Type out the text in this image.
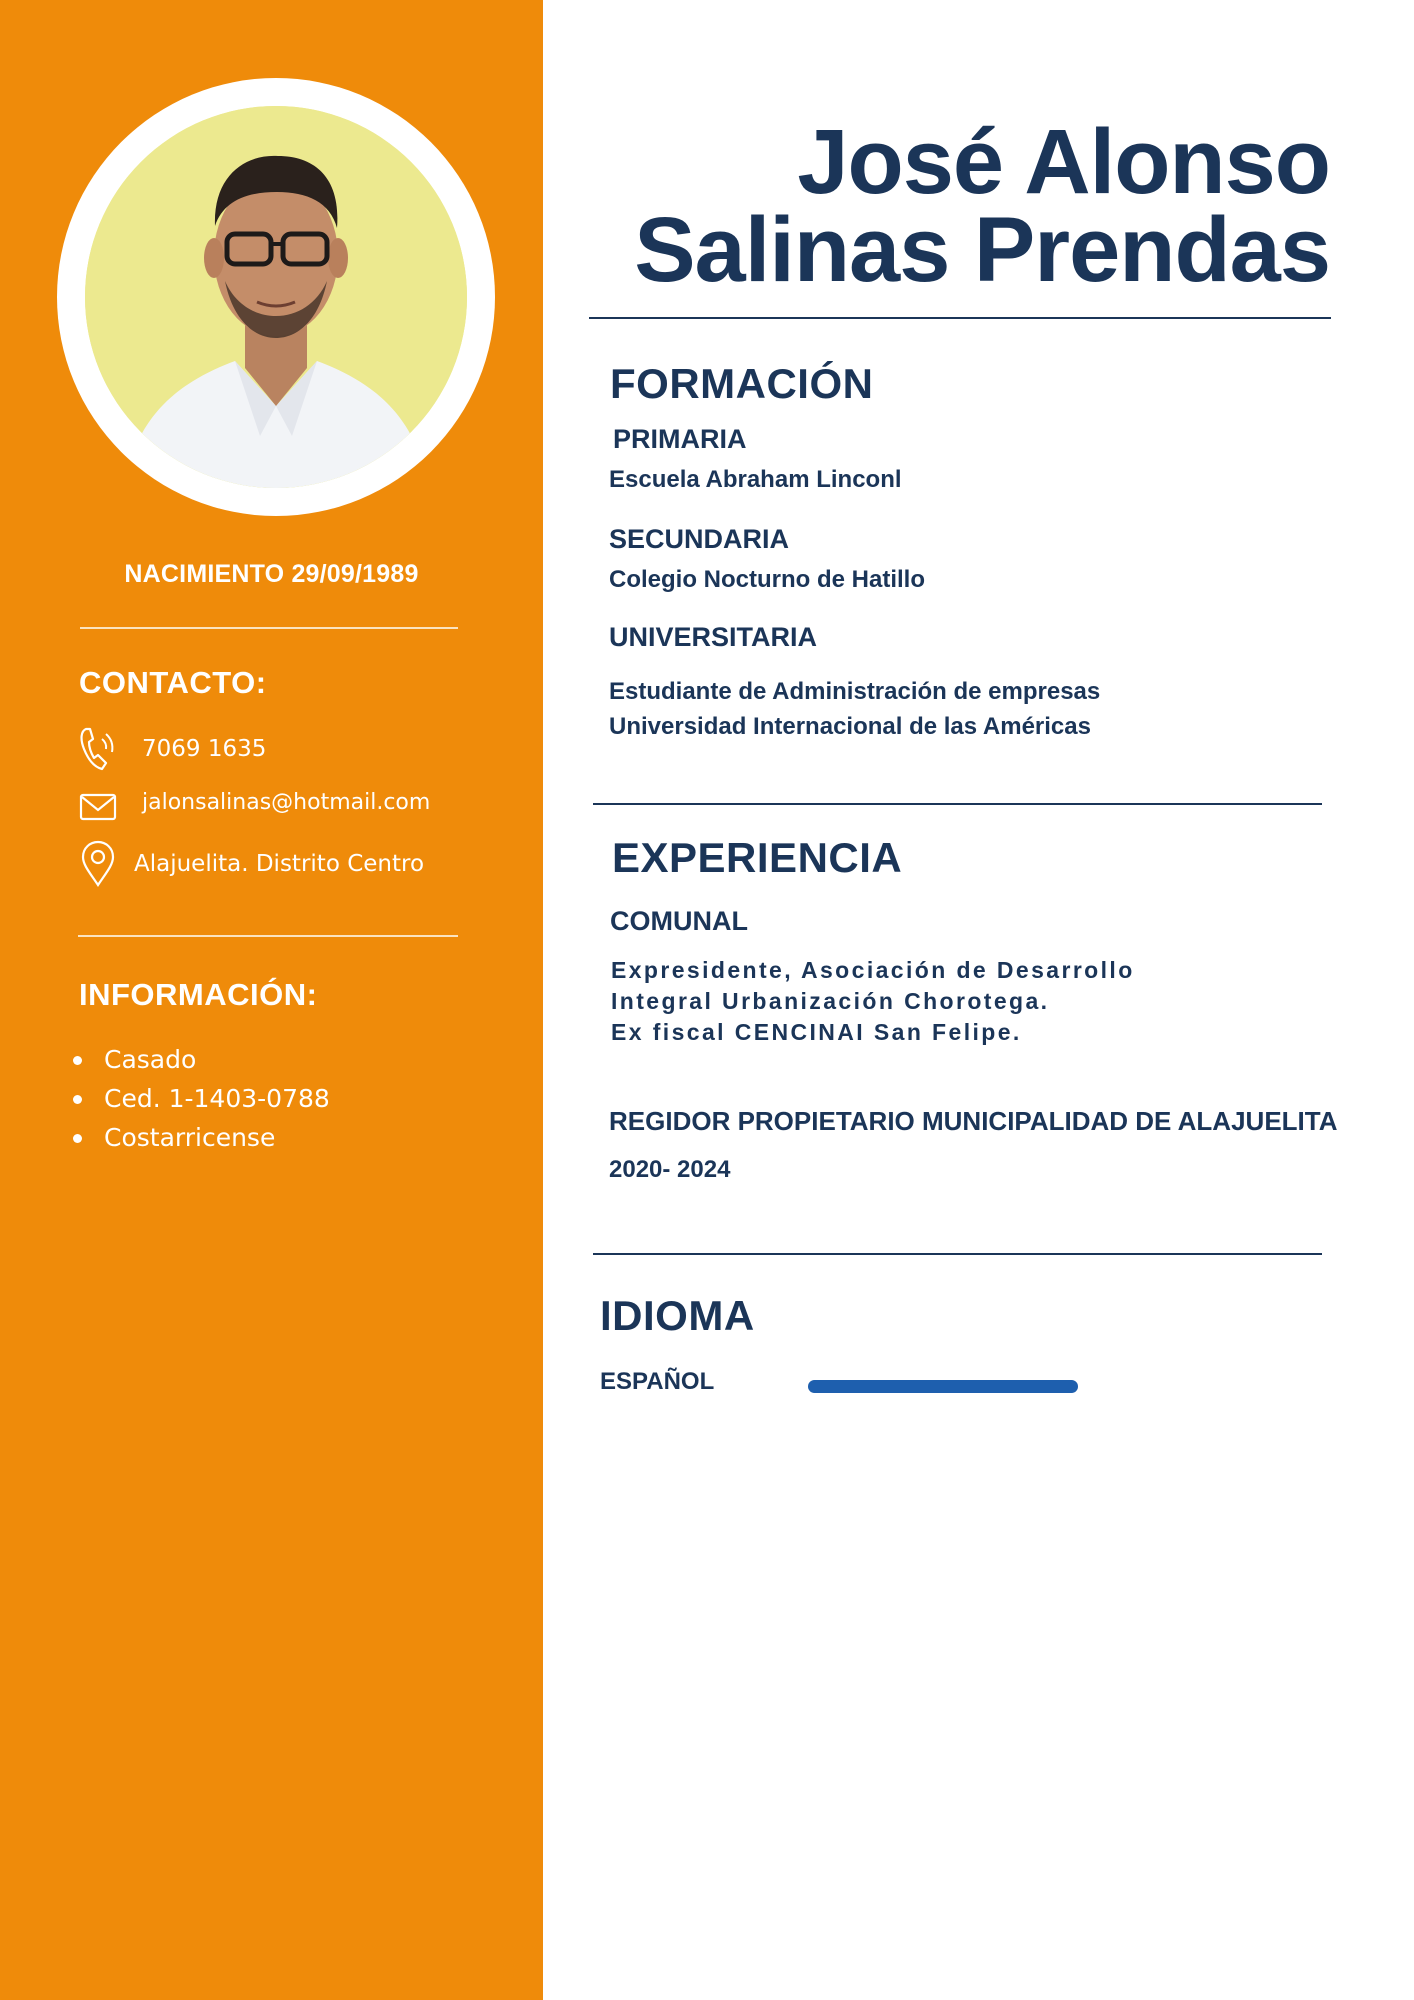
NACIMIENTO 29/09/1989
CONTACTO:
7069 1635
jalonsalinas@hotmail.com
Alajuelita. Distrito Centro
INFORMACIÓN:
Casado
Ced. 1-1403-0788
Costarricense
José Alonso
Salinas Prendas
FORMACIÓN
PRIMARIA
Escuela Abraham Linconl
SECUNDARIA
Colegio Nocturno de Hatillo
UNIVERSITARIA
Estudiante de Administración de empresas
Universidad Internacional de las Américas
EXPERIENCIA
COMUNAL
Expresidente, Asociación de Desarrollo
Integral Urbanización Chorotega.
Ex fiscal CENCINAI San Felipe.
REGIDOR PROPIETARIO MUNICIPALIDAD DE ALAJUELITA
2020- 2024
IDIOMA
ESPAÑOL
